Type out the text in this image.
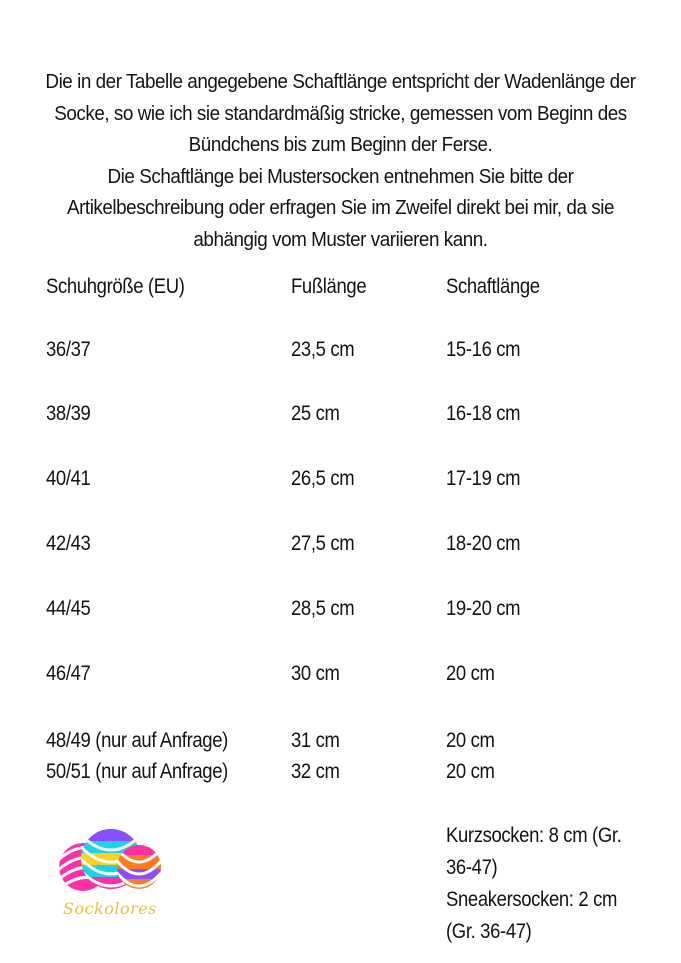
Die in der Tabelle angegebene Schaftlänge entspricht der Wadenlänge der

Socke, so wie ich sie standardmäßig stricke, gemessen vom Beginn des

Bündchens bis zum Beginn der Ferse.

Die Schaftlänge bei Mustersocken entnehmen Sie bitte der

Artikelbeschreibung oder erfragen Sie im Zweifel direkt bei mir, da sie

abhängig vom Muster variieren kann.

Schuhgröße (EU)	Fußlänge	Schaftlänge
36/37	23,5 cm	15-16 cm
38/39	25 cm	16-18 cm
40/41	26,5 cm	17-19 cm
42/43	27,5 cm	18-20 cm
44/45	28,5 cm	19-20 cm
46/47	30 cm	20 cm
48/49 (nur auf Anfrage)	31 cm	20 cm
50/51 (nur auf Anfrage)	32 cm	20 cm
Sockolores

Kurzsocken: 8 cm (Gr.

36-47)

Sneakersocken: 2 cm

(Gr. 36-47)
